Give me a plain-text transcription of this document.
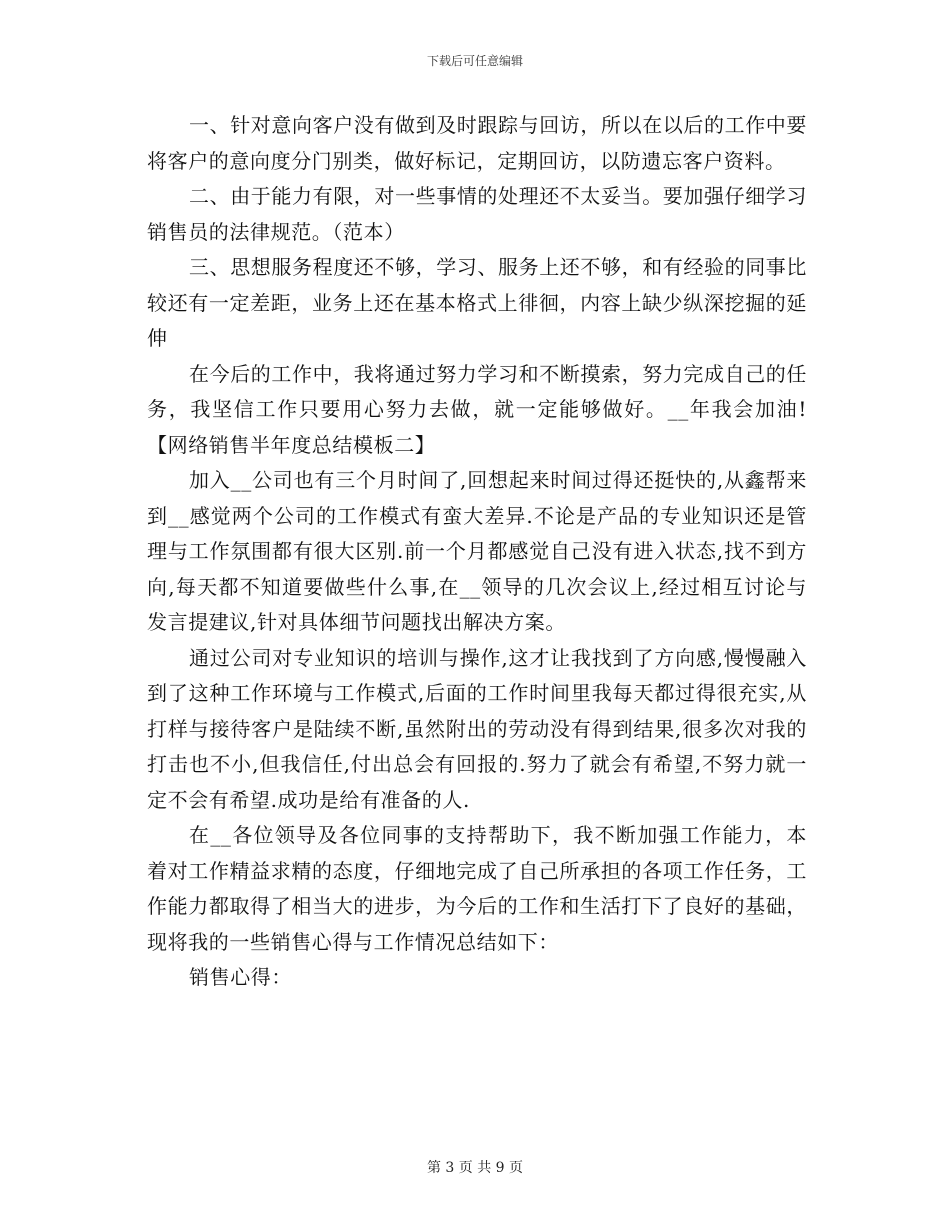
下载后可任意编辑

一、针对意向客户没有做到及时跟踪与回访，所以在以后的工作中要将客户的意向度分门别类，做好标记，定期回访，以防遗忘客户资料。

二、由于能力有限，对一些事情的处理还不太妥当。要加强仔细学习销售员的法律规范。（范本）

三、思想服务程度还不够，学习、服务上还不够，和有经验的同事比较还有一定差距，业务上还在基本格式上徘徊，内容上缺少纵深挖掘的延伸

在今后的工作中，我将通过努力学习和不断摸索，努力完成自己的任务，我坚信工作只要用心努力去做，就一定能够做好。__年我会加油!【网络销售半年度总结模板二】

加入__公司也有三个月时间了,回想起来时间过得还挺快的,从鑫帮来到__感觉两个公司的工作模式有蛮大差异.不论是产品的专业知识还是管理与工作氛围都有很大区别.前一个月都感觉自己没有进入状态,找不到方向,每天都不知道要做些什么事,在__领导的几次会议上,经过相互讨论与发言提建议,针对具体细节问题找出解决方案。

通过公司对专业知识的培训与操作,这才让我找到了方向感,慢慢融入到了这种工作环境与工作模式,后面的工作时间里我每天都过得很充实,从打样与接待客户是陆续不断,虽然附出的劳动没有得到结果,很多次对我的打击也不小,但我信任,付出总会有回报的.努力了就会有希望,不努力就一定不会有希望.成功是给有准备的人.

在__各位领导及各位同事的支持帮助下，我不断加强工作能力，本着对工作精益求精的态度，仔细地完成了自己所承担的各项工作任务，工作能力都取得了相当大的进步，为今后的工作和生活打下了良好的基础，现将我的一些销售心得与工作情况总结如下：

销售心得：

第 3 页 共 9 页
